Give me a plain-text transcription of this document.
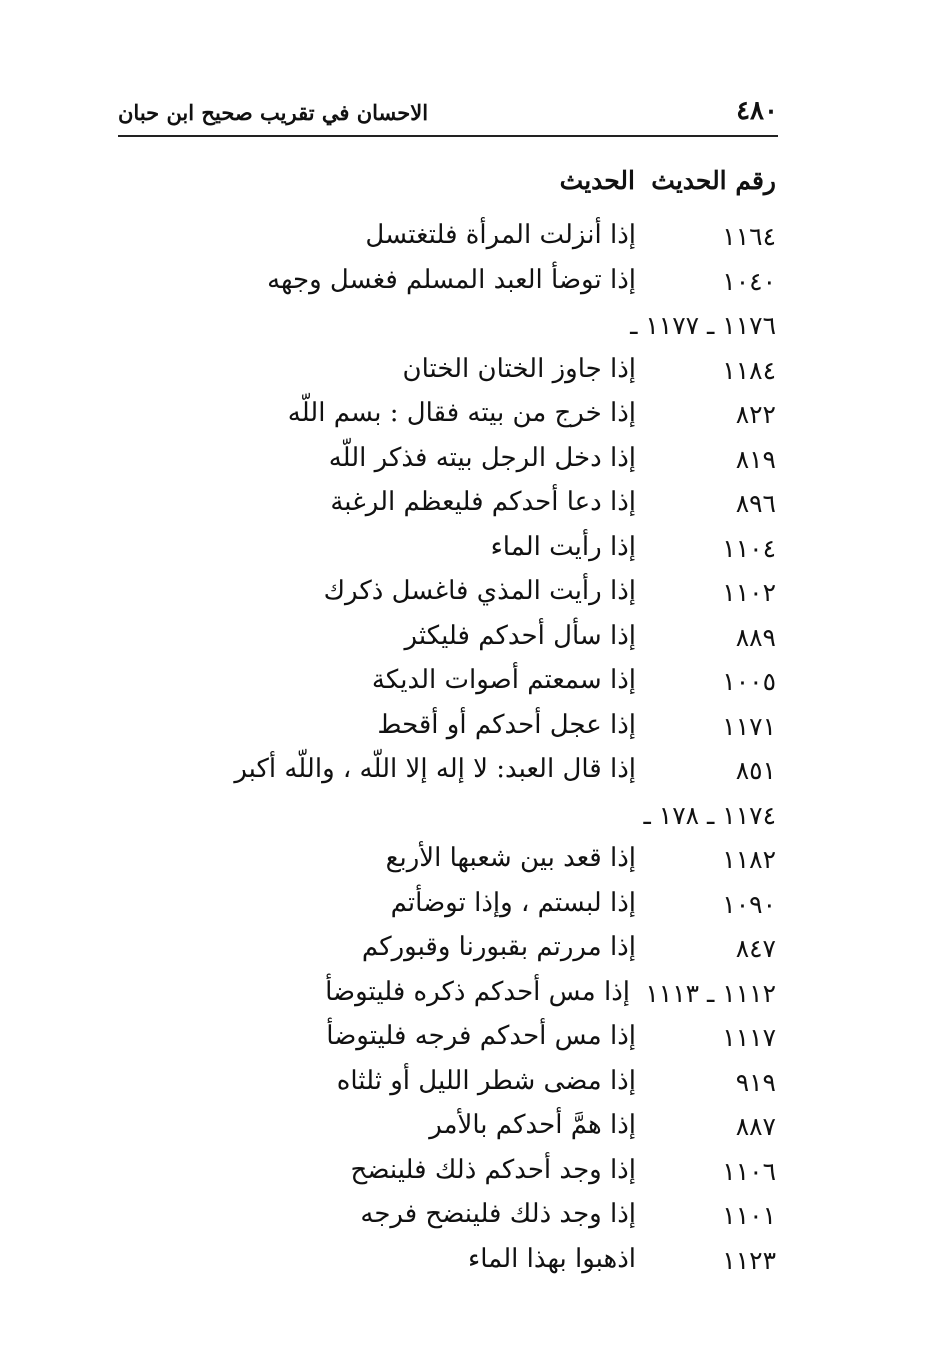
الاحسان في تقريب صحيح ابن حبان	٤٨٠
رقم الحديث
الحديث
١١٦٤
إذا أنزلت المرأة فلتغتسل
١٠٤٠
إذا توضأ العبد المسلم فغسل وجهه
١١٧٦ ـ ١١٧٧ ـ
١١٨٤
إذا جاوز الختان الختان
٨٢٢
إذا خرج من بيته فقال : بسم اللّه
٨١٩
إذا دخل الرجل بيته فذكر اللّه
٨٩٦
إذا دعا أحدكم فليعظم الرغبة
١١٠٤
إذا رأيت الماء
١١٠٢
إذا رأيت المذي فاغسل ذكرك
٨٨٩
إذا سأل أحدكم فليكثر
١٠٠٥
إذا سمعتم أصوات الديكة
١١٧١
إذا عجل أحدكم أو أقحط
٨٥١
إذا قال العبد: لا إله إلا اللّه ، واللّه أكبر
١١٧٤ ـ ١٧٨ ـ
١١٨٢
إذا قعد بين شعبها الأربع
١٠٩٠
إذا لبستم ، وإذا توضأتم
٨٤٧
إذا مررتم بقبورنا وقبوركم
١١١٢ ـ ١١١٣
إذا مس أحدكم ذكره فليتوضأ
١١١٧
إذا مس أحدكم فرجه فليتوضأ
٩١٩
إذا مضى شطر الليل أو ثلثاه
٨٨٧
إذا همَّ أحدكم بالأمر
١١٠٦
إذا وجد أحدكم ذلك فلينضح
١١٠١
إذا وجد ذلك فلينضح فرجه
١١٢٣
اذهبوا بهذا الماء
